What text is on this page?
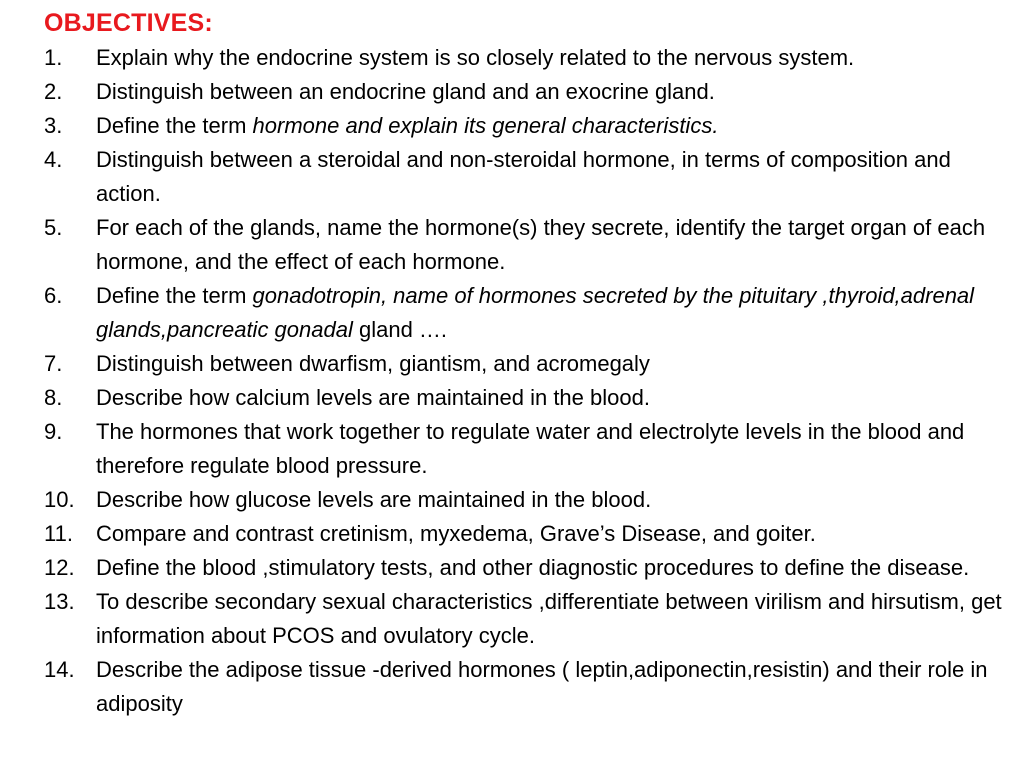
OBJECTIVES:
1. Explain why the endocrine system is so closely related to the nervous system.
2. Distinguish between an endocrine gland and an exocrine gland.
3. Define the term hormone and explain its general characteristics.
4. Distinguish between a steroidal and non-steroidal hormone, in terms of composition and action.
5. For each of the glands, name the hormone(s) they secrete, identify the target organ of each hormone, and the effect of each hormone.
6. Define the term gonadotropin, name of hormones secreted by the pituitary ,thyroid,adrenal glands,pancreatic gonadal gland ….
7. Distinguish between dwarfism, giantism, and acromegaly
8. Describe how calcium levels are maintained in the blood.
9. The hormones that work together to regulate water and electrolyte levels in the blood and therefore regulate blood pressure.
10. Describe how glucose levels are maintained in the blood.
11. Compare and contrast cretinism, myxedema, Grave’s Disease, and goiter.
12. Define the blood ,stimulatory tests, and other diagnostic procedures to define the disease.
13. To describe secondary sexual characteristics ,differentiate between virilism and hirsutism, get information about PCOS and ovulatory cycle.
14. Describe the adipose tissue -derived hormones ( leptin,adiponectin,resistin) and their role in adiposity
